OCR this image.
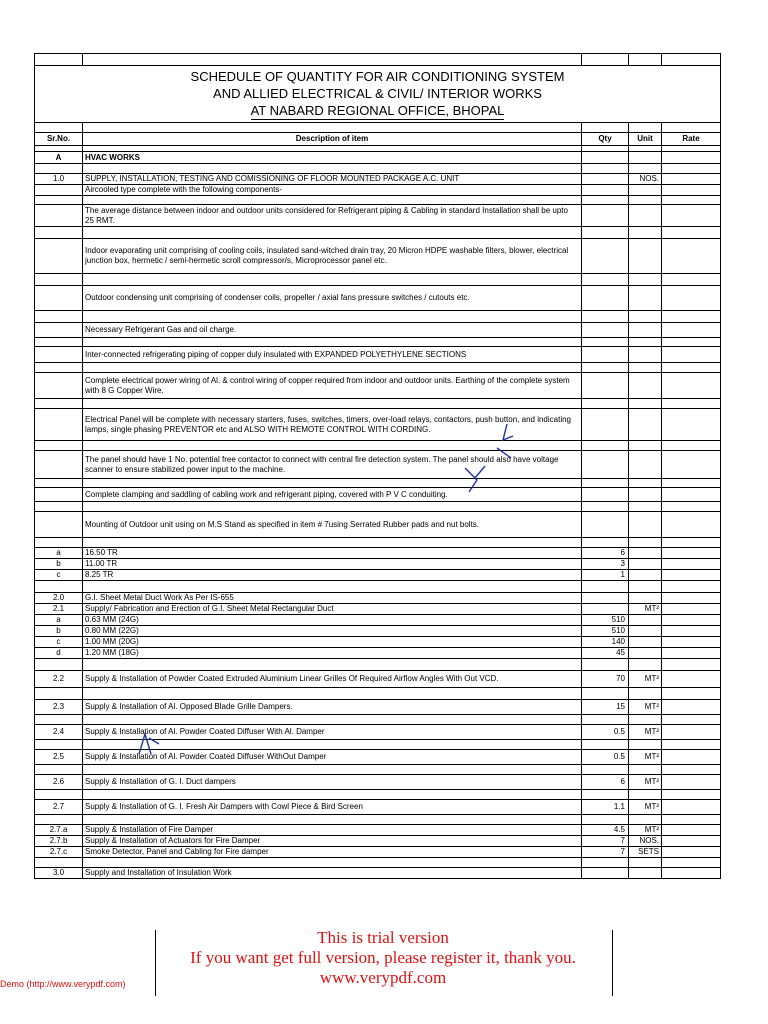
SCHEDULE OF QUANTITY FOR AIR CONDITIONING SYSTEM
AND ALLIED ELECTRICAL & CIVIL/ INTERIOR WORKS
AT NABARD REGIONAL OFFICE, BHOPAL				

Sr.No.	Description of item	Qty	Unit	Rate

A	HVAC WORKS			

1.0	SUPPLY, INSTALLATION, TESTING AND COMISSIONING OF FLOOR MOUNTED PACKAGE A.C. UNIT		NOS.	
	Aircooled type complete with the following components-			

	The average distance between indoor and outdoor units considered for Refrigerant piping & Cabling in standard Installation shall be upto 25 RMT.			

	Indoor evaporating unit comprising of cooling coils, insulated sand-witched drain tray, 20 Micron HDPE washable filters, blower, electrical junction box, hermetic / semi-hermetic scroll compressor/s, Microprocessor panel etc.			

	Outdoor condensing unit comprising of condenser coils, propeller / axial fans pressure switches / cutouts etc.			

	Necessary Refrigerant Gas and oil charge.			

	Inter-connected refrigerating piping of copper duly insulated with EXPANDED POLYETHYLENE SECTIONS			

	Complete electrical power wiring of Al. & control wiring of copper required from indoor and outdoor units. Earthing of the complete system with 8 G Copper Wire.			

	Electrical Panel will be complete with necessary starters, fuses, switches, timers, over-load relays, contactors, push button, and indicating lamps, single phasing PREVENTOR etc and ALSO WITH REMOTE CONTROL WITH CORDING.			

	The panel should have 1 No. potential free contactor to connect with central fire detection system. The panel should also have voltage scanner to ensure stabilized power input to the machine.			

	Complete clamping and saddling of cabling work and refrigerant piping, covered with P V C conduiting.			

	Mounting of Outdoor unit using on M.S Stand as specified in item # 7using Serrated Rubber pads and nut bolts.			

a	16.50 TR	6		
b	11.00 TR	3		
c	8.25 TR	1		

2.0	G.I. Sheet Metal Duct Work As Per IS-655			
2.1	Supply/ Fabrication and Erection of G.I. Sheet Metal Rectangular Duct		MT²	
a	0.63 MM (24G)	510		
b	0.80 MM (22G)	510		
c	1.00 MM (20G)	140		
d	1.20 MM (18G)	45		

2.2	Supply & Installation of Powder Coated Extruded Aluminium Linear Grilles Of Required Airflow Angles With Out VCD.	70	MT²	

2.3	Supply & Installation of Al. Opposed Blade Grille Dampers.	15	MT²	

2.4	Supply & Installation of Al. Powder Coated Diffuser With Al. Damper	0.5	MT²	

2.5	Supply & Installation of Al. Powder Coated Diffuser WithOut Damper	0.5	MT²	

2.6	Supply & Installation of G. I. Duct dampers	6	MT²	

2.7	Supply & Installation of G. I. Fresh Air Dampers with Cowl Piece & Bird Screen	1.1	MT²	

2.7.a	Supply & Installation of Fire Damper	4.5	MT²	
2.7.b	Supply & Installation of Actuators for Fire Damper	7	NOS.	
2.7.c	Smoke Detector, Panel and Cabling for Fire damper	7	SETS	

3.0	Supply and Installation of Insulation Work			
This is trial version
If you want get full version, please register it, thank you.
www.verypdf.com
Demo (http://www.verypdf.com)
